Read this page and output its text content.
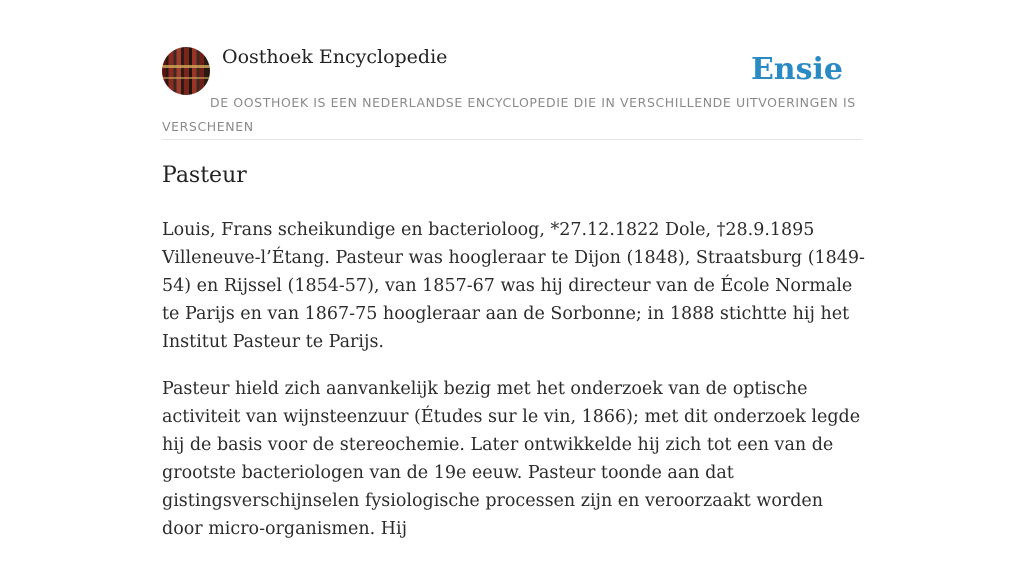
Oosthoek Encyclopedie	Ensie
DE OOSTHOEK IS EEN NEDERLANDSE ENCYCLOPEDIE DIE IN VERSCHILLENDE UITVOERINGEN IS VERSCHENEN
Pasteur

Louis, Frans scheikundige en bacterioloog, *27.12.1822 Dole, †28.9.1895 Villeneuve-l’Étang. Pasteur was hoogleraar te Dijon (1848), Straatsburg (1849-54) en Rijssel (1854-57), van 1857-67 was hij directeur van de École Normale te Parijs en van 1867-75 hoogleraar aan de Sorbonne; in 1888 stichtte hij het Institut Pasteur te Parijs.

Pasteur hield zich aanvankelijk bezig met het onderzoek van de optische activiteit van wijnsteenzuur (Études sur le vin, 1866); met dit onderzoek legde hij de basis voor de stereochemie. Later ontwikkelde hij zich tot een van de grootste bacteriologen van de 19e eeuw. Pasteur toonde aan dat gistingsverschijnselen fysiologische processen zijn en veroorzaakt worden door micro-organismen. Hij
